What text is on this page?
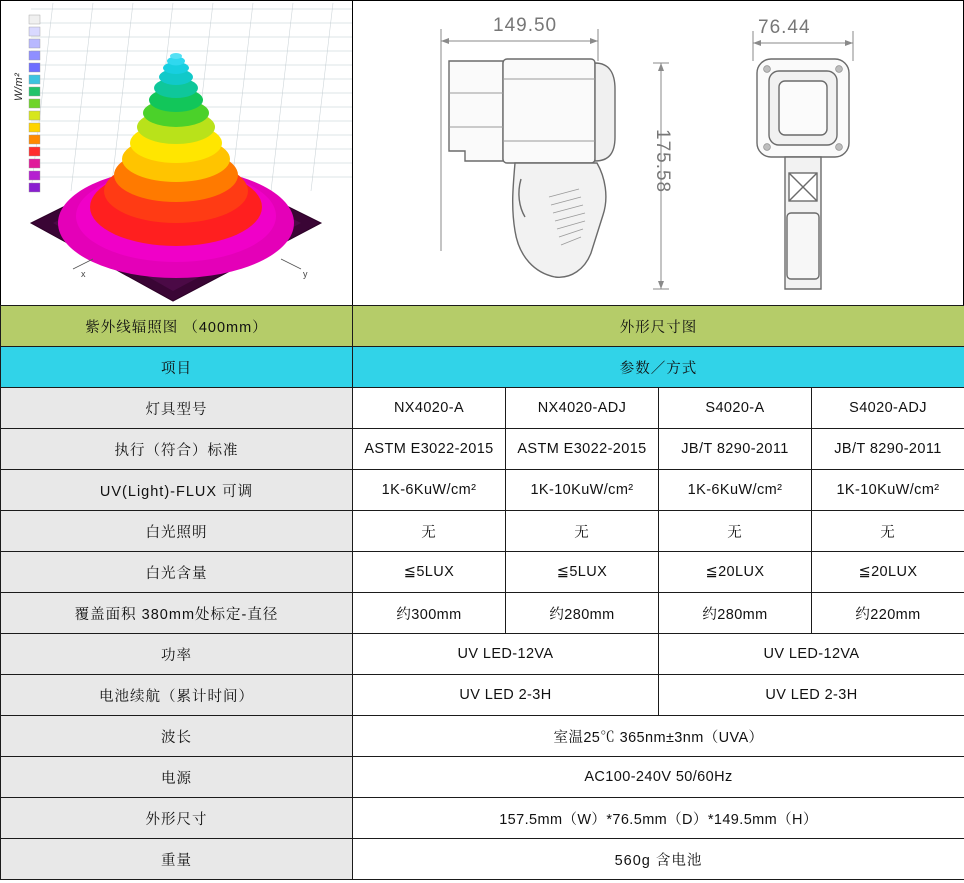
W/m²
x	y
149.50
175.58
76.44
紫外线辐照图 （400mm）	外形尺寸图			
项目	参数／方式			
灯具型号	NX4020-A	NX4020-ADJ	S4020-A	S4020-ADJ
执行（符合）标准	ASTM E3022-2015	ASTM E3022-2015	JB/T 8290-2011	JB/T 8290-2011
UV(Light)-FLUX 可调	1K-6KuW/cm²	1K-10KuW/cm²	1K-6KuW/cm²	1K-10KuW/cm²
白光照明	无	无	无	无
白光含量	≦5LUX	≦5LUX	≦20LUX	≦20LUX
覆盖面积 380mm处标定-直径	约300mm	约280mm	约280mm	约220mm
功率	UV LED-12VA		UV LED-12VA	
电池续航（累计时间）	UV LED 2-3H		UV LED 2-3H	
波长	室温25℃ 365nm±3nm（UVA）			
电源	AC100-240V 50/60Hz			
外形尺寸	157.5mm（W）*76.5mm（D）*149.5mm（H）			
重量	560g 含电池			
